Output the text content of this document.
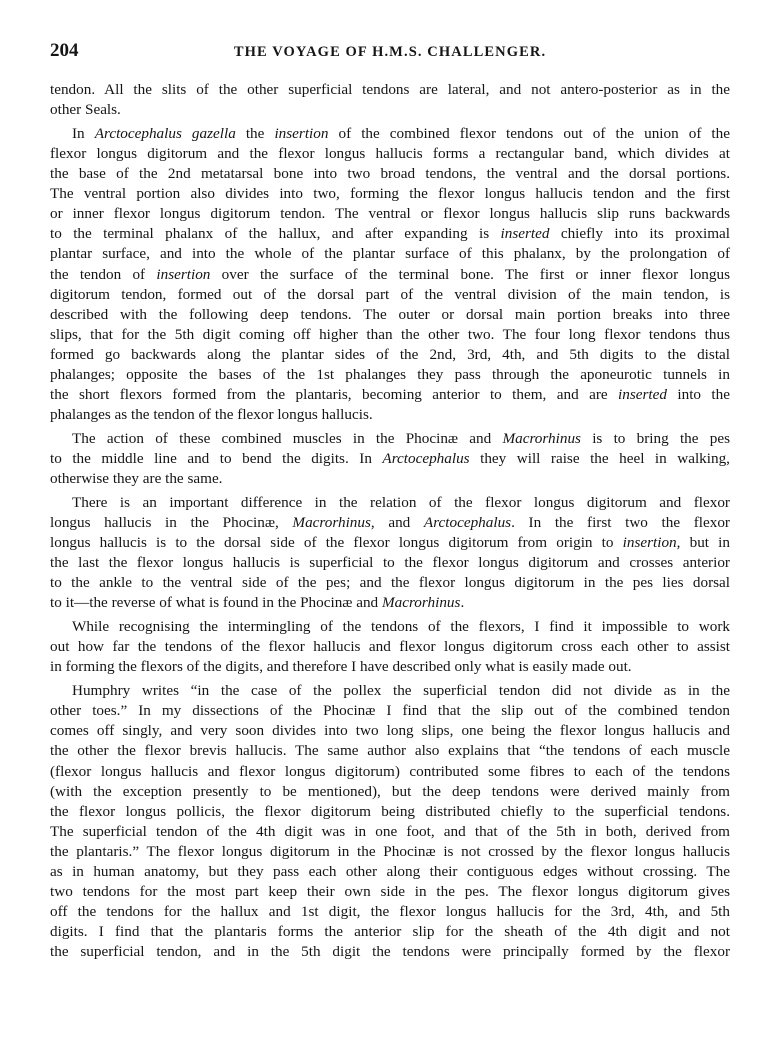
204	THE VOYAGE OF H.M.S. CHALLENGER.
tendon. All the slits of the other superficial tendons are lateral, and not antero-posterior as in the
other Seals.
In Arctocephalus gazella the insertion of the combined flexor tendons out of the union of the
flexor longus digitorum and the flexor longus hallucis forms a rectangular band, which divides at
the base of the 2nd metatarsal bone into two broad tendons, the ventral and the dorsal portions.
The ventral portion also divides into two, forming the flexor longus hallucis tendon and the first
or inner flexor longus digitorum tendon. The ventral or flexor longus hallucis slip runs backwards
to the terminal phalanx of the hallux, and after expanding is inserted chiefly into its proximal
plantar surface, and into the whole of the plantar surface of this phalanx, by the prolongation of
the tendon of insertion over the surface of the terminal bone. The first or inner flexor longus
digitorum tendon, formed out of the dorsal part of the ventral division of the main tendon, is
described with the following deep tendons. The outer or dorsal main portion breaks into three
slips, that for the 5th digit coming off higher than the other two. The four long flexor tendons thus
formed go backwards along the plantar sides of the 2nd, 3rd, 4th, and 5th digits to the distal
phalanges; opposite the bases of the 1st phalanges they pass through the aponeurotic tunnels in
the short flexors formed from the plantaris, becoming anterior to them, and are inserted into the
phalanges as the tendon of the flexor longus hallucis.
The action of these combined muscles in the Phocinæ and Macrorhinus is to bring the pes
to the middle line and to bend the digits. In Arctocephalus they will raise the heel in walking,
otherwise they are the same.
There is an important difference in the relation of the flexor longus digitorum and flexor
longus hallucis in the Phocinæ, Macrorhinus, and Arctocephalus. In the first two the flexor
longus hallucis is to the dorsal side of the flexor longus digitorum from origin to insertion, but in
the last the flexor longus hallucis is superficial to the flexor longus digitorum and crosses anterior
to the ankle to the ventral side of the pes; and the flexor longus digitorum in the pes lies dorsal
to it—the reverse of what is found in the Phocinæ and Macrorhinus.
While recognising the intermingling of the tendons of the flexors, I find it impossible to work
out how far the tendons of the flexor hallucis and flexor longus digitorum cross each other to assist
in forming the flexors of the digits, and therefore I have described only what is easily made out.
Humphry writes “in the case of the pollex the superficial tendon did not divide as in the
other toes.” In my dissections of the Phocinæ I find that the slip out of the combined tendon
comes off singly, and very soon divides into two long slips, one being the flexor longus hallucis and
the other the flexor brevis hallucis. The same author also explains that “the tendons of each muscle
(flexor longus hallucis and flexor longus digitorum) contributed some fibres to each of the tendons
(with the exception presently to be mentioned), but the deep tendons were derived mainly from
the flexor longus pollicis, the flexor digitorum being distributed chiefly to the superficial tendons.
The superficial tendon of the 4th digit was in one foot, and that of the 5th in both, derived from
the plantaris.” The flexor longus digitorum in the Phocinæ is not crossed by the flexor longus hallucis
as in human anatomy, but they pass each other along their contiguous edges without crossing. The
two tendons for the most part keep their own side in the pes. The flexor longus digitorum gives
off the tendons for the hallux and 1st digit, the flexor longus hallucis for the 3rd, 4th, and 5th
digits. I find that the plantaris forms the anterior slip for the sheath of the 4th digit and not
the superficial tendon, and in the 5th digit the tendons were principally formed by the flexor
